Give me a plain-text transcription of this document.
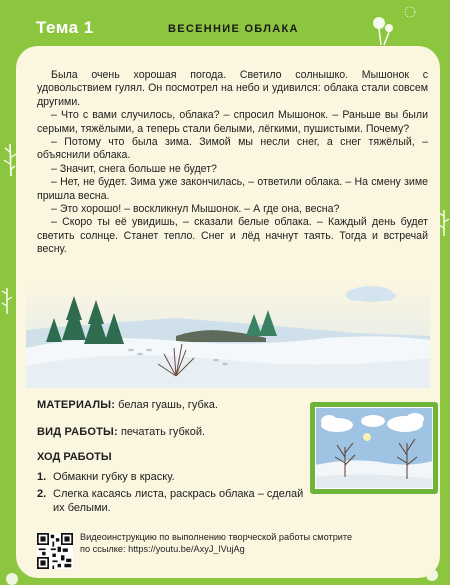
Тема 1	ВЕСЕННИЕ ОБЛАКА

Была очень хорошая погода. Светило солнышко. Мышонок с удовольствием гулял. Он посмотрел на небо и удивился: облака стали совсем другими.

– Что с вами случилось, облака? – спросил Мышонок. – Раньше вы были серыми, тяжёлыми, а теперь стали белыми, лёгкими, пушистыми. Почему?

– Потому что была зима. Зимой мы несли снег, а снег тяжёлый, – объяснили облака.

– Значит, снега больше не будет?

– Нет, не будет. Зима уже закончилась, – ответили облака. – На смену зиме пришла весна.

– Это хорошо! – воскликнул Мышонок. – А где она, весна?

– Скоро ты её увидишь, – сказали белые облака. – Каждый день будет светить солнце. Станет тепло. Снег и лёд начнут таять. Тогда и встречай весну.

МАТЕРИАЛЫ: белая гуашь, губка.
ВИД РАБОТЫ: печатать губкой.
ХОД РАБОТЫ
1. Обмакни губку в краску.
2. Слегка касаясь листа, раскрась облака – сделай их белыми.
Видеоинструкцию по выполнению творческой работы смотрите
по ссылке: https://youtu.be/AxyJ_lVujAg
